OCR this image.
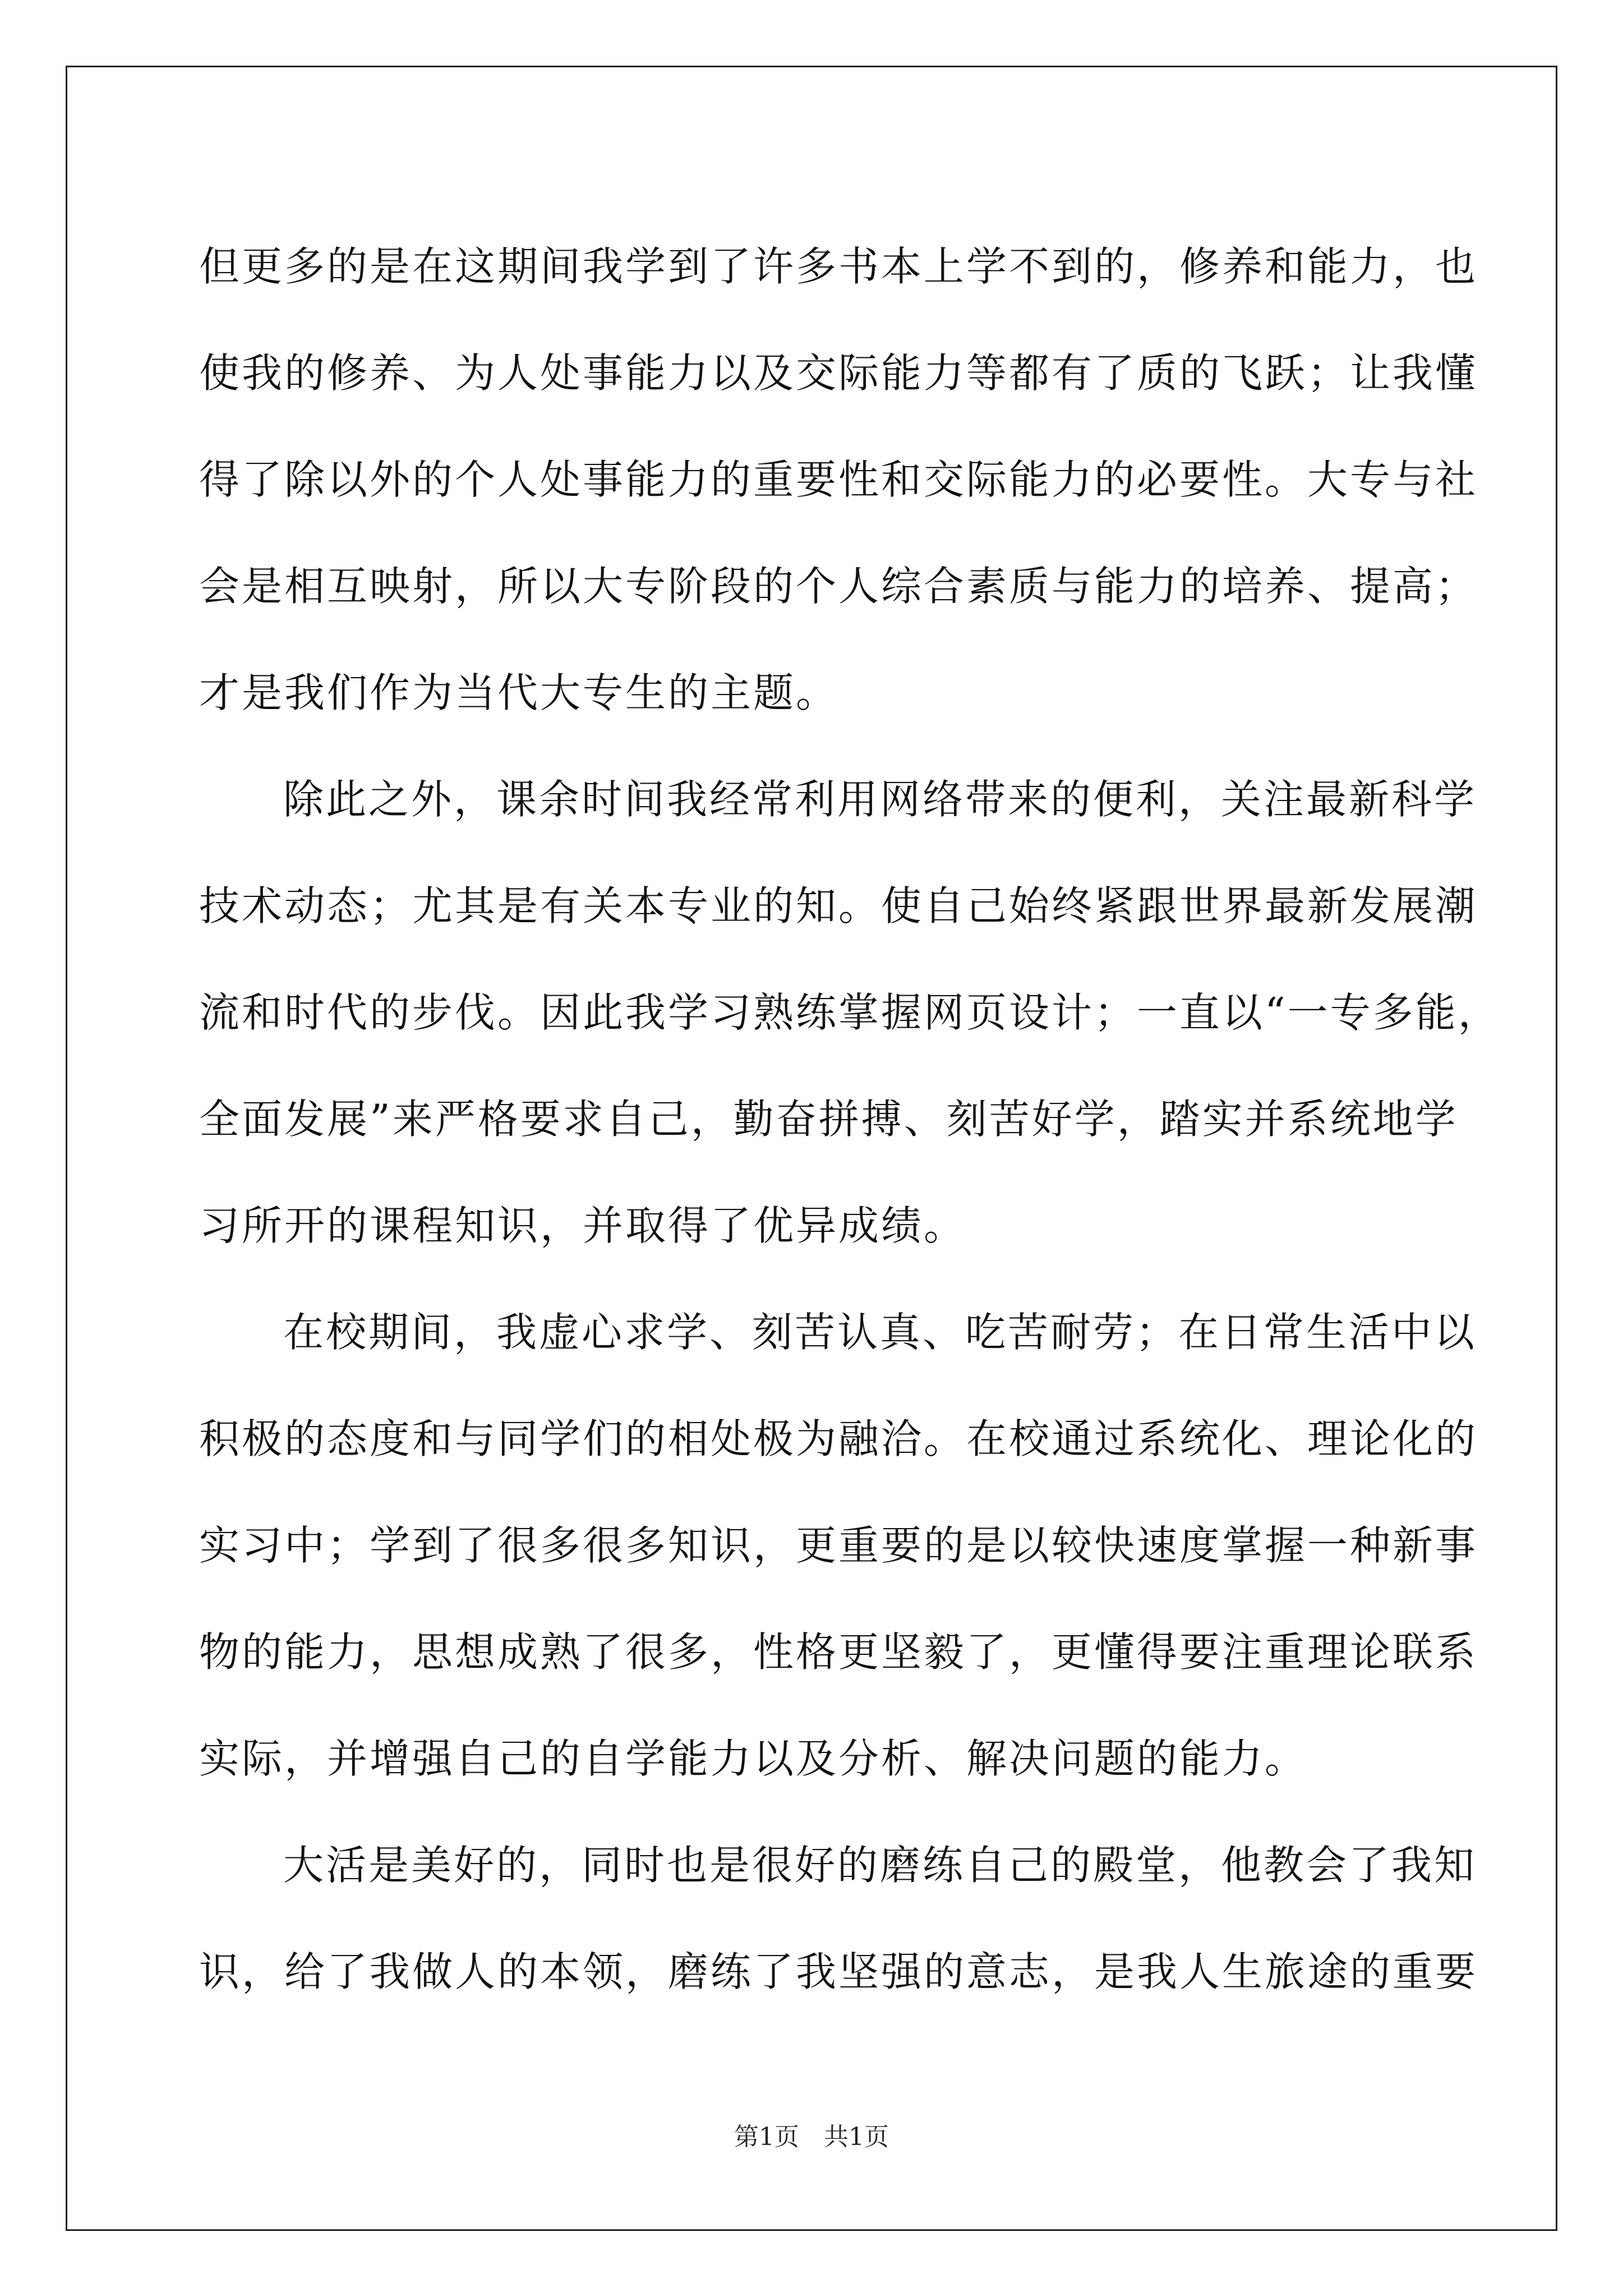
但更多的是在这期间我学到了许多书本上学不到的，修养和能力，也
使我的修养、为人处事能力以及交际能力等都有了质的飞跃；让我懂
得了除以外的个人处事能力的重要性和交际能力的必要性。大专与社
会是相互映射，所以大专阶段的个人综合素质与能力的培养、提高；
才是我们作为当代大专生的主题。
除此之外，课余时间我经常利用网络带来的便利，关注最新科学
技术动态；尤其是有关本专业的知。使自己始终紧跟世界最新发展潮
流和时代的步伐。因此我学习熟练掌握网页设计；一直以“一专多能，
全面发展”来严格要求自己，勤奋拼搏、刻苦好学，踏实并系统地学
习所开的课程知识，并取得了优异成绩。
在校期间，我虚心求学、刻苦认真、吃苦耐劳；在日常生活中以
积极的态度和与同学们的相处极为融洽。在校通过系统化、理论化的
实习中；学到了很多很多知识，更重要的是以较快速度掌握一种新事
物的能力，思想成熟了很多，性格更坚毅了，更懂得要注重理论联系
实际，并增强自己的自学能力以及分析、解决问题的能力。
大活是美好的，同时也是很好的磨练自己的殿堂，他教会了我知
识，给了我做人的本领，磨练了我坚强的意志，是我人生旅途的重要
第1页　共1页
